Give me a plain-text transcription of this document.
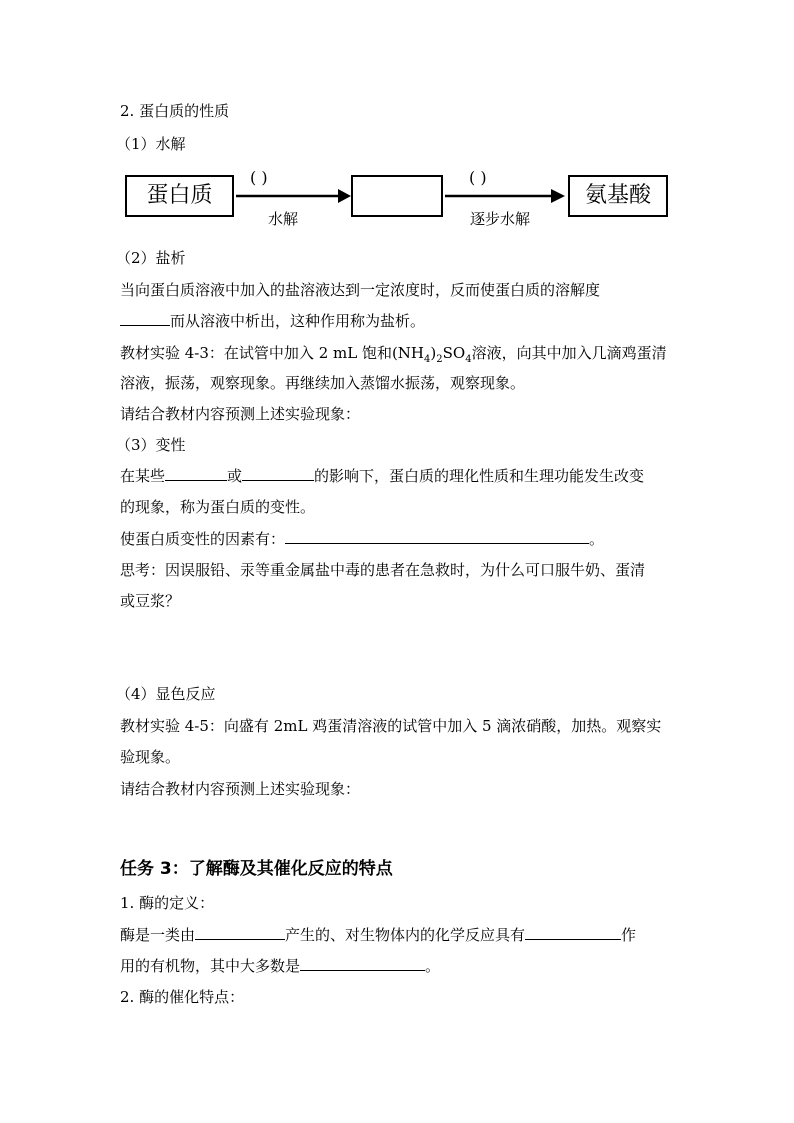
2. 蛋白质的性质
（1）水解
蛋白质	氨基酸
( )	( )
水解	逐步水解
（2）盐析
当向蛋白质溶液中加入的盐溶液达到一定浓度时，反而使蛋白质的溶解度
而从溶液中析出，这种作用称为盐析。
教材实验 4-3：在试管中加入 2 mL 饱和$(NH_4)_2SO_4$溶液，向其中加入几滴鸡蛋清
溶液，振荡，观察现象。再继续加入蒸馏水振荡，观察现象。
请结合教材内容预测上述实验现象：
（3）变性
在某些	或	的影响下，蛋白质的理化性质和生理功能发生改变
的现象，称为蛋白质的变性。
使蛋白质变性的因素有：	。
思考：因误服铅、汞等重金属盐中毒的患者在急救时，为什么可口服牛奶、蛋清
或豆浆？
（4）显色反应
教材实验 4-5：向盛有 2mL 鸡蛋清溶液的试管中加入 5 滴浓硝酸，加热。观察实
验现象。
请结合教材内容预测上述实验现象：
任务 3：了解酶及其催化反应的特点
1. 酶的定义：
酶是一类由	产生的、对生物体内的化学反应具有	作
用的有机物，其中大多数是	。
2. 酶的催化特点：
